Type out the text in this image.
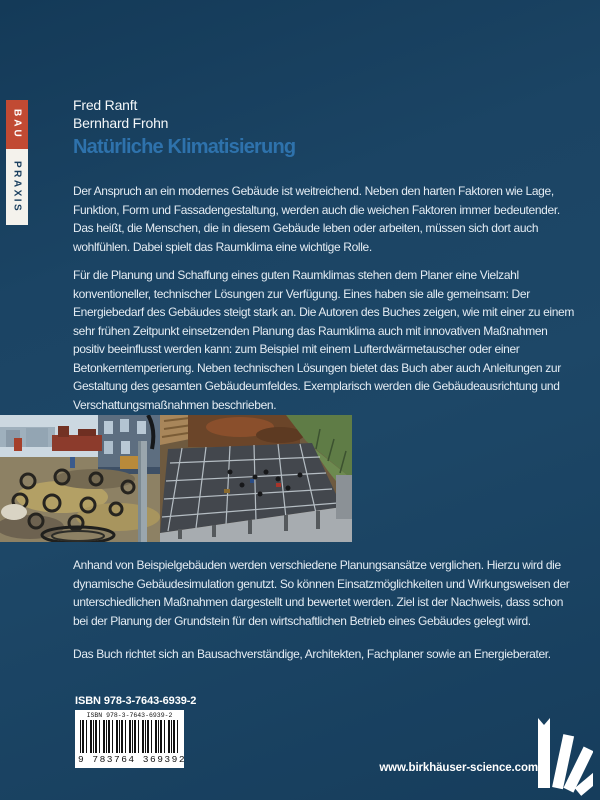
BAU
PRAXIS
Fred Ranft
Bernhard Frohn
Natürliche Klimatisierung

Der Anspruch an ein modernes Gebäude ist weitreichend. Neben den harten Faktoren wie Lage, Funktion, Form und Fassadengestaltung, werden auch die weichen Faktoren immer bedeutender. Das heißt, die Menschen, die in diesem Gebäude leben oder arbeiten, müssen sich dort auch wohlfühlen. Dabei spielt das Raumklima eine wichtige Rolle.

Für die Planung und Schaffung eines guten Raumklimas stehen dem Planer eine Vielzahl konventioneller, technischer Lösungen zur Verfügung. Eines haben sie alle gemeinsam: Der Energiebedarf des Gebäudes steigt stark an. Die Autoren des Buches zeigen, wie mit einer zu einem sehr frühen Zeitpunkt einsetzenden Planung das Raumklima auch mit innovativen Maßnahmen positiv beeinflusst werden kann: zum Beispiel mit einem Lufterdwärmetauscher oder einer Betonkerntemperierung. Neben technischen Lösungen bietet das Buch aber auch Anleitungen zur Gestaltung des gesamten Gebäudeumfeldes. Exemplarisch werden die Gebäudeausrichtung und Verschattungsmaßnahmen beschrieben.

Anhand von Beispielgebäuden werden verschiedene Planungsansätze verglichen. Hierzu wird die dynamische Gebäudesimulation genutzt. So können Einsatzmöglichkeiten und Wirkungsweisen der unterschiedlichen Maßnahmen dargestellt und bewertet werden. Ziel ist der Nachweis, dass schon bei der Planung der Grundstein für den wirtschaftlichen Betrieb eines Gebäudes gelegt wird.

Das Buch richtet sich an Bausachverständige, Architekten, Fachplaner sowie an Energieberater.

ISBN 978-3-7643-6939-2
ISBN 978-3-7643-6939-2
9 783764 369392
www.birkhäuser-science.com
